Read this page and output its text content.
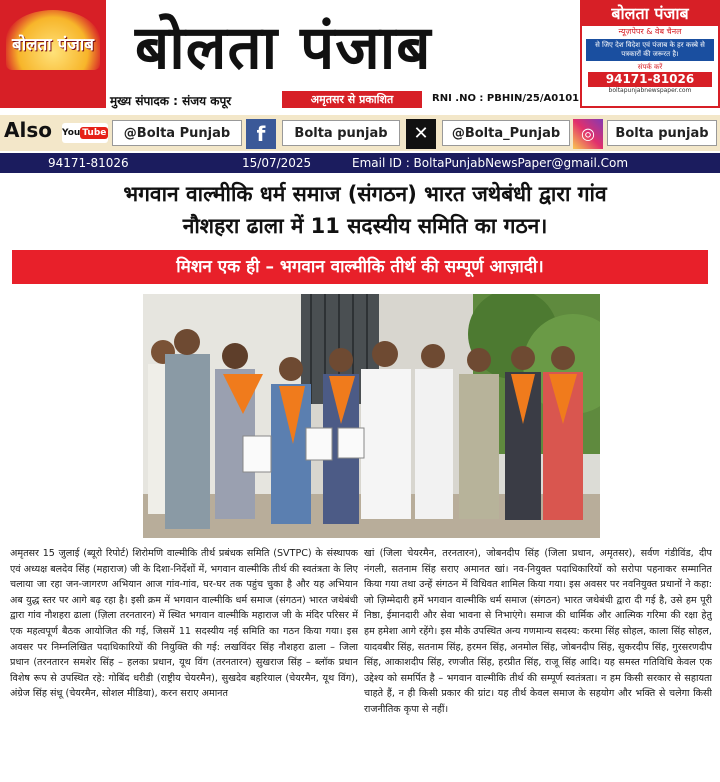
बोलता पंजाब बोलता पंजाब
मुख्य संपादक : संजय कपूर	अमृतसर से प्रकाशित	RNI .NO : PBHIN/25/A0101
बोलता पंजाब
न्यूज़पेपर & वेब चैनल
से जिए देश विदेश एवं पंजाब के हर कस्बे से पत्रकारों की जरूरत है।
संपर्क करें
94171-81026
boltapunjabnewspaper.com
Also You Tube	@Bolta Punjab	f	Bolta punjab	✕	@Bolta_Punjab	◎	Bolta punjab
94171-81026	15/07/2025	Email ID : BoltaPunjabNewsPaper@gmail.Com
भगवान वाल्मीकि धर्म समाज (संगठन) भारत जथेबंधी द्वारा गांव
नौशहरा ढाला में 11 सदस्यीय समिति का गठन।
मिशन एक ही – भगवान वाल्मीकि तीर्थ की सम्पूर्ण आज़ादी।
अमृतसर 15 जुलाई (ब्यूरो रिपोर्ट) शिरोमणि वाल्मीकि तीर्थ प्रबंधक समिति (SVTPC) के संस्थापक एवं अध्यक्ष बलदेव सिंह (महाराज) जी के दिशा-निर्देशों में, भगवान वाल्मीकि तीर्थ की स्वतंत्रता के लिए चलाया जा रहा जन-जागरण अभियान आज गांव-गांव, घर-घर तक पहुंच चुका है और यह अभियान अब युद्ध स्तर पर आगे बढ़ रहा है। इसी क्रम में भगवान वाल्मीकि धर्म समाज (संगठन) भारत जथेबंधी द्वारा गांव नौशहरा ढाला (ज़िला तरनतारन) में स्थित भगवान वाल्मीकि महाराज जी के मंदिर परिसर में एक महत्वपूर्ण बैठक आयोजित की गई, जिसमें 11 सदस्यीय नई समिति का गठन किया गया। इस अवसर पर निम्नलिखित पदाधिकारियों की नियुक्ति की गई: लखविंदर सिंह नौशहरा ढाला – जिला प्रधान (तरनतारन समशेर सिंह – हलका प्रधान, यूथ विंग (तरनतारन) सुखराज सिंह – ब्लॉक प्रधान विशेष रूप से उपस्थित रहे: गोबिंद धरीडी (राष्ट्रीय चेयरमैन), सुखदेव बहरियाल (चेयरमैन, यूथ विंग), अंग्रेज सिंह संधू (चेयरमैन, सोशल मीडिया), करन सराए अमानत
खां (जिला चेयरमैन, तरनतारन), जोबनदीप सिंह (जिला प्रधान, अमृतसर), सर्वण गंडीविंड, दीप नंगली, सतनाम सिंह सराए अमानत खां। नव-नियुक्त पदाधिकारियों को सरोपा पहनाकर सम्मानित किया गया तथा उन्हें संगठन में विधिवत शामिल किया गया। इस अवसर पर नवनियुक्त प्रधानों ने कहा: जो ज़िम्मेदारी हमें भगवान वाल्मीकि धर्म समाज (संगठन) भारत जथेबंधी द्वारा दी गई है, उसे हम पूरी निष्ठा, ईमानदारी और सेवा भावना से निभाएंगे। समाज की धार्मिक और आत्मिक गरिमा की रक्षा हेतु हम हमेशा आगे रहेंगे। इस मौके उपस्थित अन्य गणमान्य सदस्य: करमा सिंह सोहल, काला सिंह सोहल, यादवबीर सिंह, सतनाम सिंह, हरमन सिंह, अनमोल सिंह, जोबनदीप सिंह, सुकरदीप सिंह, गुरसरणदीप सिंह, आकाशदीप सिंह, रणजीत सिंह, हरप्रीत सिंह, राजू सिंह आदि। यह समस्त गतिविधि केवल एक उद्देश्य को समर्पित है – भगवान वाल्मीकि तीर्थ की सम्पूर्ण स्वतंत्रता। न हम किसी सरकार से सहायता चाहते हैं, न ही किसी प्रकार की ग्रांट। यह तीर्थ केवल समाज के सहयोग और भक्ति से चलेगा किसी राजनीतिक कृपा से नहीं।
